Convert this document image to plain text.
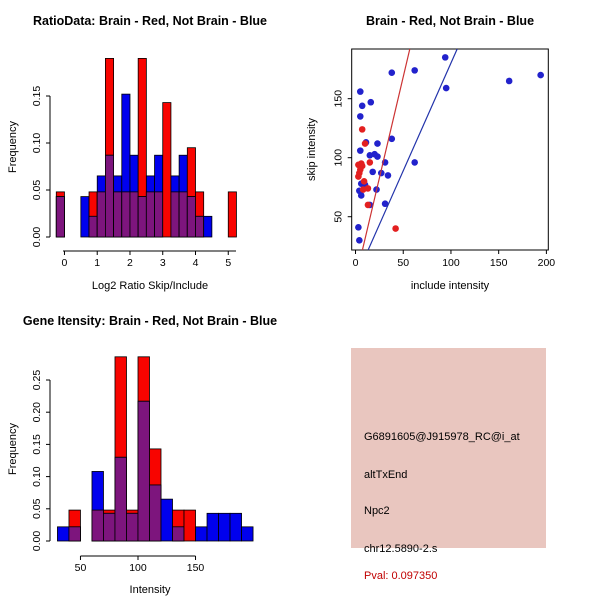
RatioData: Brain - Red, Not Brain - Blue
0	1	2	3	4	5
Log2 Ratio Skip/Include
0.00
0.05
0.10
0.15
Frequency
Brain - Red, Not Brain - Blue
0	50	100	150	200
include intensity
50
100
150
skip intensity
Gene Itensity: Brain - Red, Not Brain - Blue
50	100	150
Intensity
0.00
0.05
0.10
0.15
0.20
0.25
Frequency	G6891605@J915978_RC@i_at
altTxEnd
Npc2
chr12.5890-2.s
Pval: 0.097350
